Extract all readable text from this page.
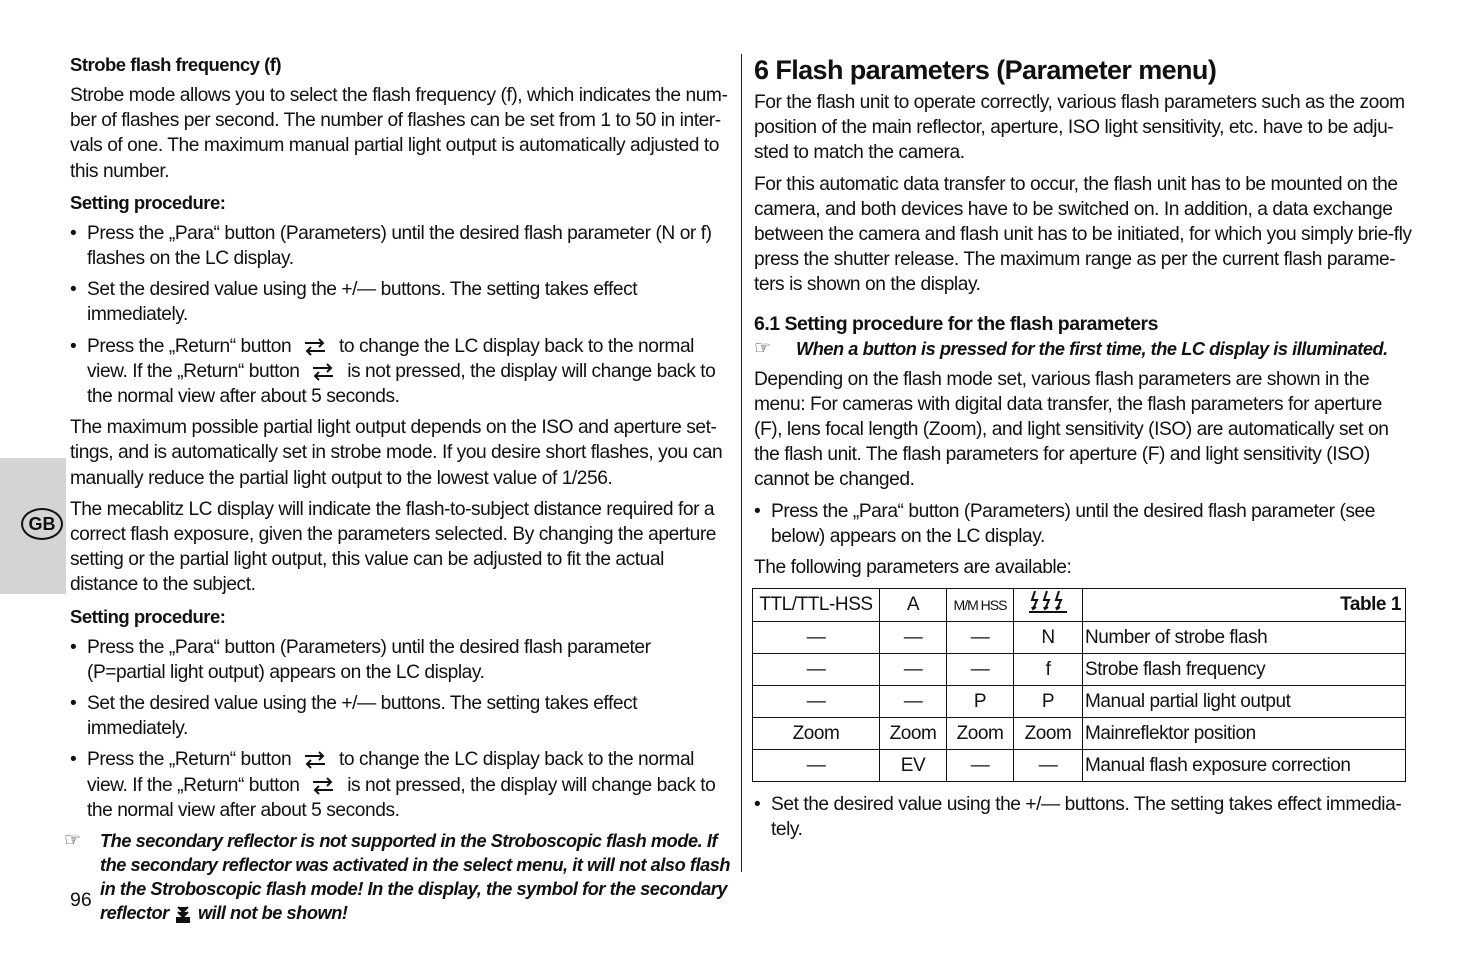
GB

Strobe flash frequency (f)

Strobe mode allows you to select the flash frequency (f), which indicates the num-ber of flashes per second. The number of flashes can be set from 1 to 50 in inter-vals of one. The maximum manual partial light output is automatically adjusted to this number.

Setting procedure:

• Press the „Para“ button (Parameters) until the desired flash parameter (N or f) flashes on the LC display.
• Set the desired value using the +/— buttons. The setting takes effect immediately.
• Press the „Return“ button to change the LC display back to the normal view. If the „Return“ button is not pressed, the display will change back to the normal view after about 5 seconds.

The maximum possible partial light output depends on the ISO and aperture set-tings, and is automatically set in strobe mode. If you desire short flashes, you can manually reduce the partial light output to the lowest value of 1/256.

The mecablitz LC display will indicate the flash-to-subject distance required for a correct flash exposure, given the parameters selected. By changing the aperture setting or the partial light output, this value can be adjusted to fit the actual distance to the subject.

Setting procedure:

• Press the „Para“ button (Parameters) until the desired flash parameter (P=partial light output) appears on the LC display.
• Set the desired value using the +/— buttons. The setting takes effect immediately.
• Press the „Return“ button to change the LC display back to the normal view. If the „Return“ button is not pressed, the display will change back to the normal view after about 5 seconds.
☞	The secondary reflector is not supported in the Stroboscopic flash mode. If the secondary reflector was activated in the select menu, it will not also flash in the Stroboscopic flash mode! In the display, the symbol for the secondary reflector will not be shown!
96

6 Flash parameters (Parameter menu)

For the flash unit to operate correctly, various flash parameters such as the zoom position of the main reflector, aperture, ISO light sensitivity, etc. have to be adju-sted to match the camera.

For this automatic data transfer to occur, the flash unit has to be mounted on the camera, and both devices have to be switched on. In addition, a data exchange between the camera and flash unit has to be initiated, for which you simply brie-fly press the shutter release. The maximum range as per the current flash parame-ters is shown on the display.

6.1 Setting procedure for the flash parameters

☞	When a button is pressed for the first time, the LC display is illuminated.

Depending on the flash mode set, various flash parameters are shown in the menu: For cameras with digital data transfer, the flash parameters for aperture (F), lens focal length (Zoom), and light sensitivity (ISO) are automatically set on the flash unit. The flash parameters for aperture (F) and light sensitivity (ISO) cannot be changed.

• Press the „Para“ button (Parameters) until the desired flash parameter (see below) appears on the LC display.

The following parameters are available:

TTL/TTL-HSS	A	M/M HSS		Table 1
—	—	—	N	Number of strobe flash
—	—	—	f	Strobe flash frequency
—	—	P	P	Manual partial light output
Zoom	Zoom	Zoom	Zoom	Mainreflektor position
—	EV	—	—	Manual flash exposure correction
• Set the desired value using the +/— buttons. The setting takes effect immedia-tely.
